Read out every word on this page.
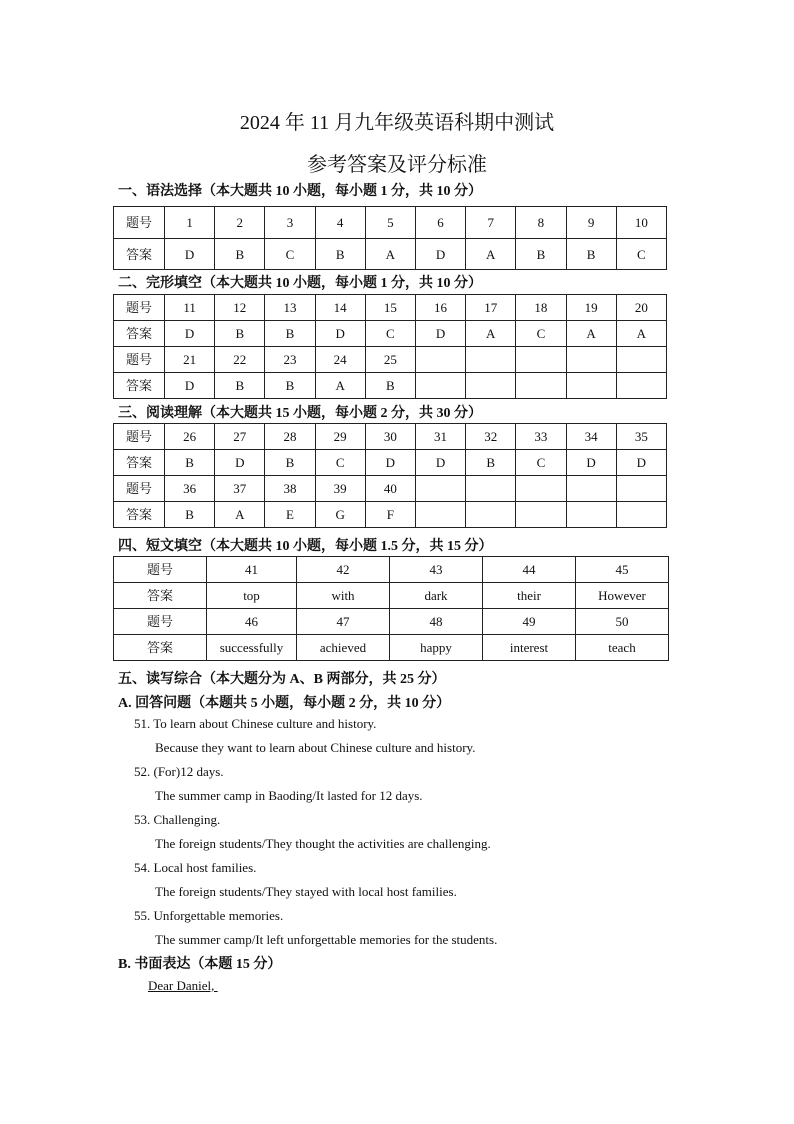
2024 年 11 月九年级英语科期中测试
参考答案及评分标准
一、语法选择（本大题共 10 小题，每小题 1 分，共 10 分）
题号	1	2	3	4	5	6	7	8	9	10
答案	D	B	C	B	A	D	A	B	B	C
二、完形填空（本大题共 10 小题，每小题 1 分，共 10 分）
题号	11	12	13	14	15	16	17	18	19	20
答案	D	B	B	D	C	D	A	C	A	A
题号	21	22	23	24	25					
答案	D	B	B	A	B					
三、阅读理解（本大题共 15 小题，每小题 2 分，共 30 分）
题号	26	27	28	29	30	31	32	33	34	35
答案	B	D	B	C	D	D	B	C	D	D
题号	36	37	38	39	40					
答案	B	A	E	G	F					
四、短文填空（本大题共 10 小题，每小题 1.5 分，共 15 分）
题号	41	42	43	44	45
答案	top	with	dark	their	However
题号	46	47	48	49	50
答案	successfully	achieved	happy	interest	teach
五、读写综合（本大题分为 A、B 两部分，共 25 分）
A. 回答问题（本题共 5 小题，每小题 2 分，共 10 分）
51. To learn about Chinese culture and history.
Because they want to learn about Chinese culture and history.
52. (For)12 days.
The summer camp in Baoding/It lasted for 12 days.
53. Challenging.
The foreign students/They thought the activities are challenging.
54. Local host families.
The foreign students/They stayed with local host families.
55. Unforgettable memories.
The summer camp/It left unforgettable memories for the students.
B. 书面表达（本题 15 分）
Dear Daniel,
